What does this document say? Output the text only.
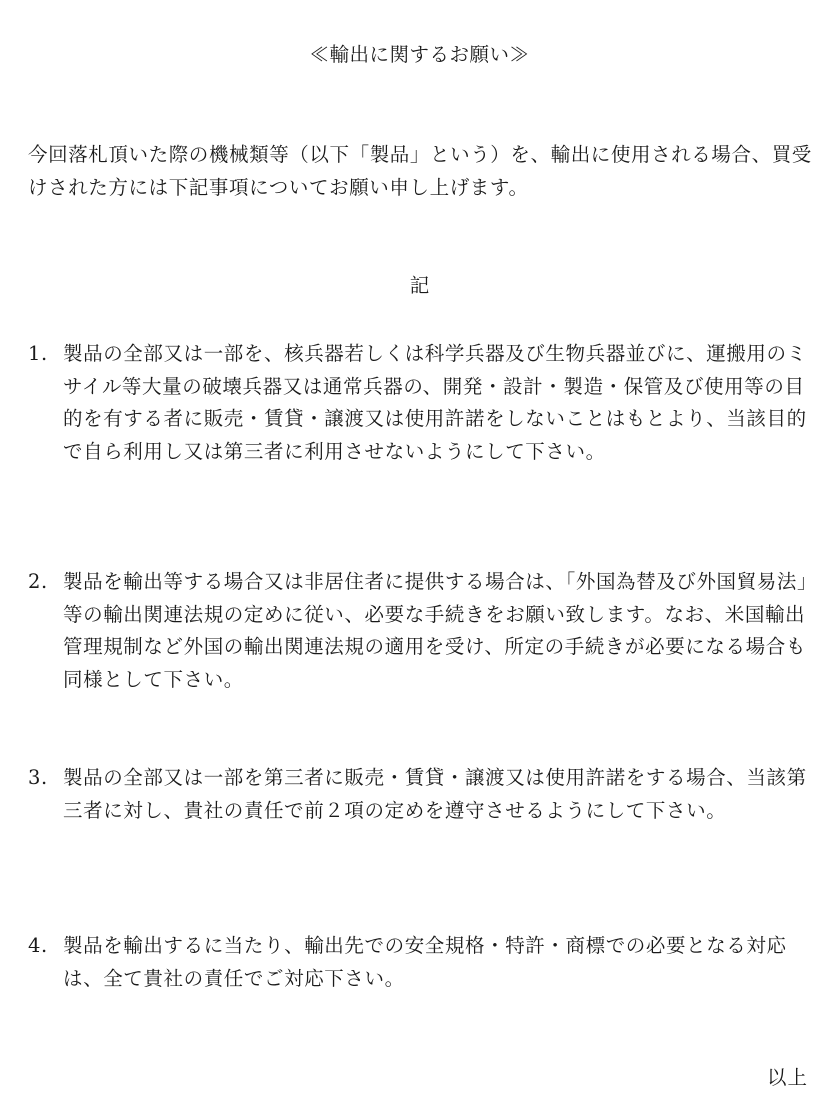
≪輸出に関するお願い≫
今回落札頂いた際の機械類等（以下「製品」という）を、輸出に使用される場合、買受けされた方には下記事項についてお願い申し上げます。
記
1. 製品の全部又は一部を、核兵器若しくは科学兵器及び生物兵器並びに、運搬用のミサイル等大量の破壊兵器又は通常兵器の、開発・設計・製造・保管及び使用等の目的を有する者に販売・賃貸・譲渡又は使用許諾をしないことはもとより、当該目的で自ら利用し又は第三者に利用させないようにして下さい。
2. 製品を輸出等する場合又は非居住者に提供する場合は、「外国為替及び外国貿易法」等の輸出関連法規の定めに従い、必要な手続きをお願い致します。なお、米国輸出管理規制など外国の輸出関連法規の適用を受け、所定の手続きが必要になる場合も同様として下さい。
3. 製品の全部又は一部を第三者に販売・賃貸・譲渡又は使用許諾をする場合、当該第三者に対し、貴社の責任で前２項の定めを遵守させるようにして下さい。
4. 製品を輸出するに当たり、輸出先での安全規格・特許・商標での必要となる対応は、全て貴社の責任でご対応下さい。
以上
